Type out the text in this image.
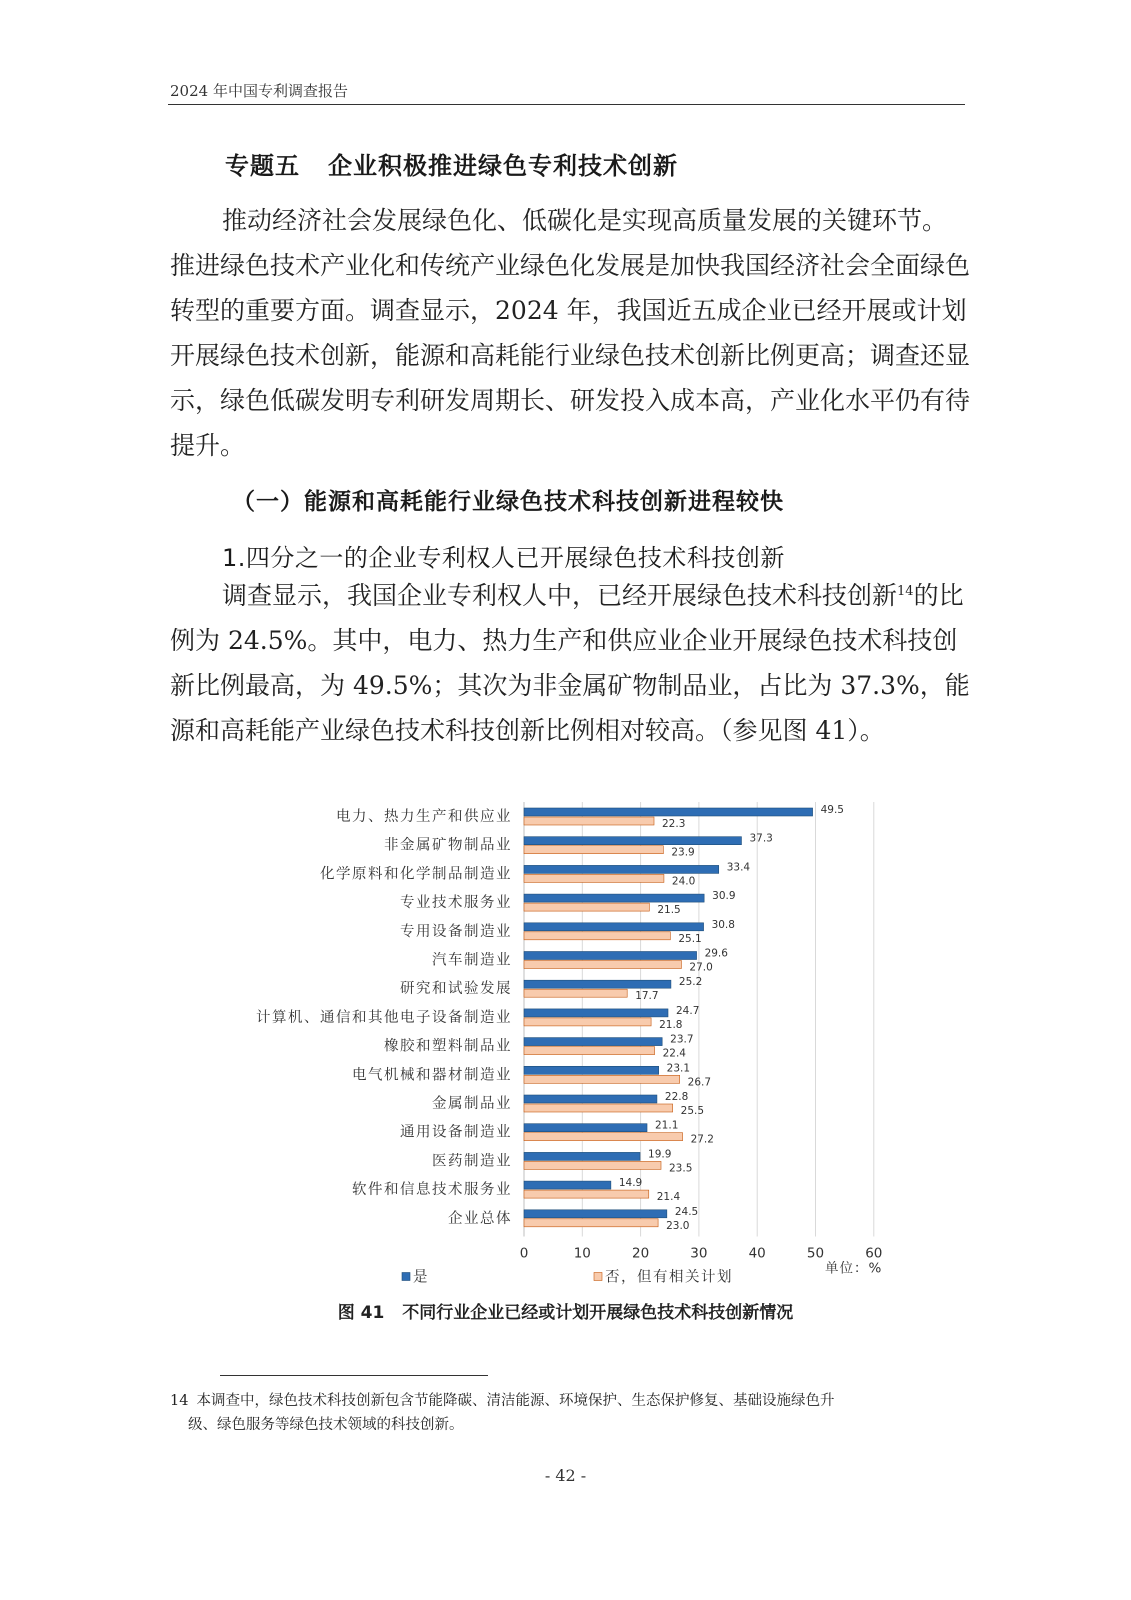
2024 年中国专利调查报告
专题五 企业积极推进绿色专利技术创新

推动经济社会发展绿色化、低碳化是实现高质量发展的关键环节。推进绿色技术产业化和传统产业绿色化发展是加快我国经济社会全面绿色转型的重要方面。调查显示，2024 年，我国近五成企业已经开展或计划开展绿色技术创新，能源和高耗能行业绿色技术创新比例更高；调查还显示，绿色低碳发明专利研发周期长、研发投入成本高，产业化水平仍有待提升。

（一）能源和高耗能行业绿色技术科技创新进程较快
1.四分之一的企业专利权人已开展绿色技术科技创新

调查显示，我国企业专利权人中，已经开展绿色技术科技创新$^{14}$的比例为 24.5%。其中，电力、热力生产和供应业企业开展绿色技术科技创新比例最高，为 49.5%；其次为非金属矿物制品业，占比为 37.3%，能源和高耗能产业绿色技术科技创新比例相对较高。（参见图 41）。

电力、热力生产和供应业	49.5
22.3
非金属矿物制品业	37.3
23.9
化学原料和化学制品制造业	33.4
24.0
专业技术服务业	30.9
21.5
专用设备制造业	30.8
25.1
汽车制造业	29.6
27.0
研究和试验发展	25.2
17.7
计算机、通信和其他电子设备制造业	24.7
21.8
橡胶和塑料制品业	23.7
22.4
电气机械和器材制造业	23.1
26.7
金属制品业	22.8
25.5
通用设备制造业	21.1
27.2
医药制造业	19.9
23.5
软件和信息技术服务业	14.9
21.4
企业总体	24.5
23.0
0	10	20	30	40	50	60
单位：%
是	否，但有相关计划
图 41 不同行业企业已经或计划开展绿色技术科技创新情况
14 本调查中，绿色技术科技创新包含节能降碳、清洁能源、环境保护、生态保护修复、基础设施绿色升
级、绿色服务等绿色技术领域的科技创新。
- 42 -
